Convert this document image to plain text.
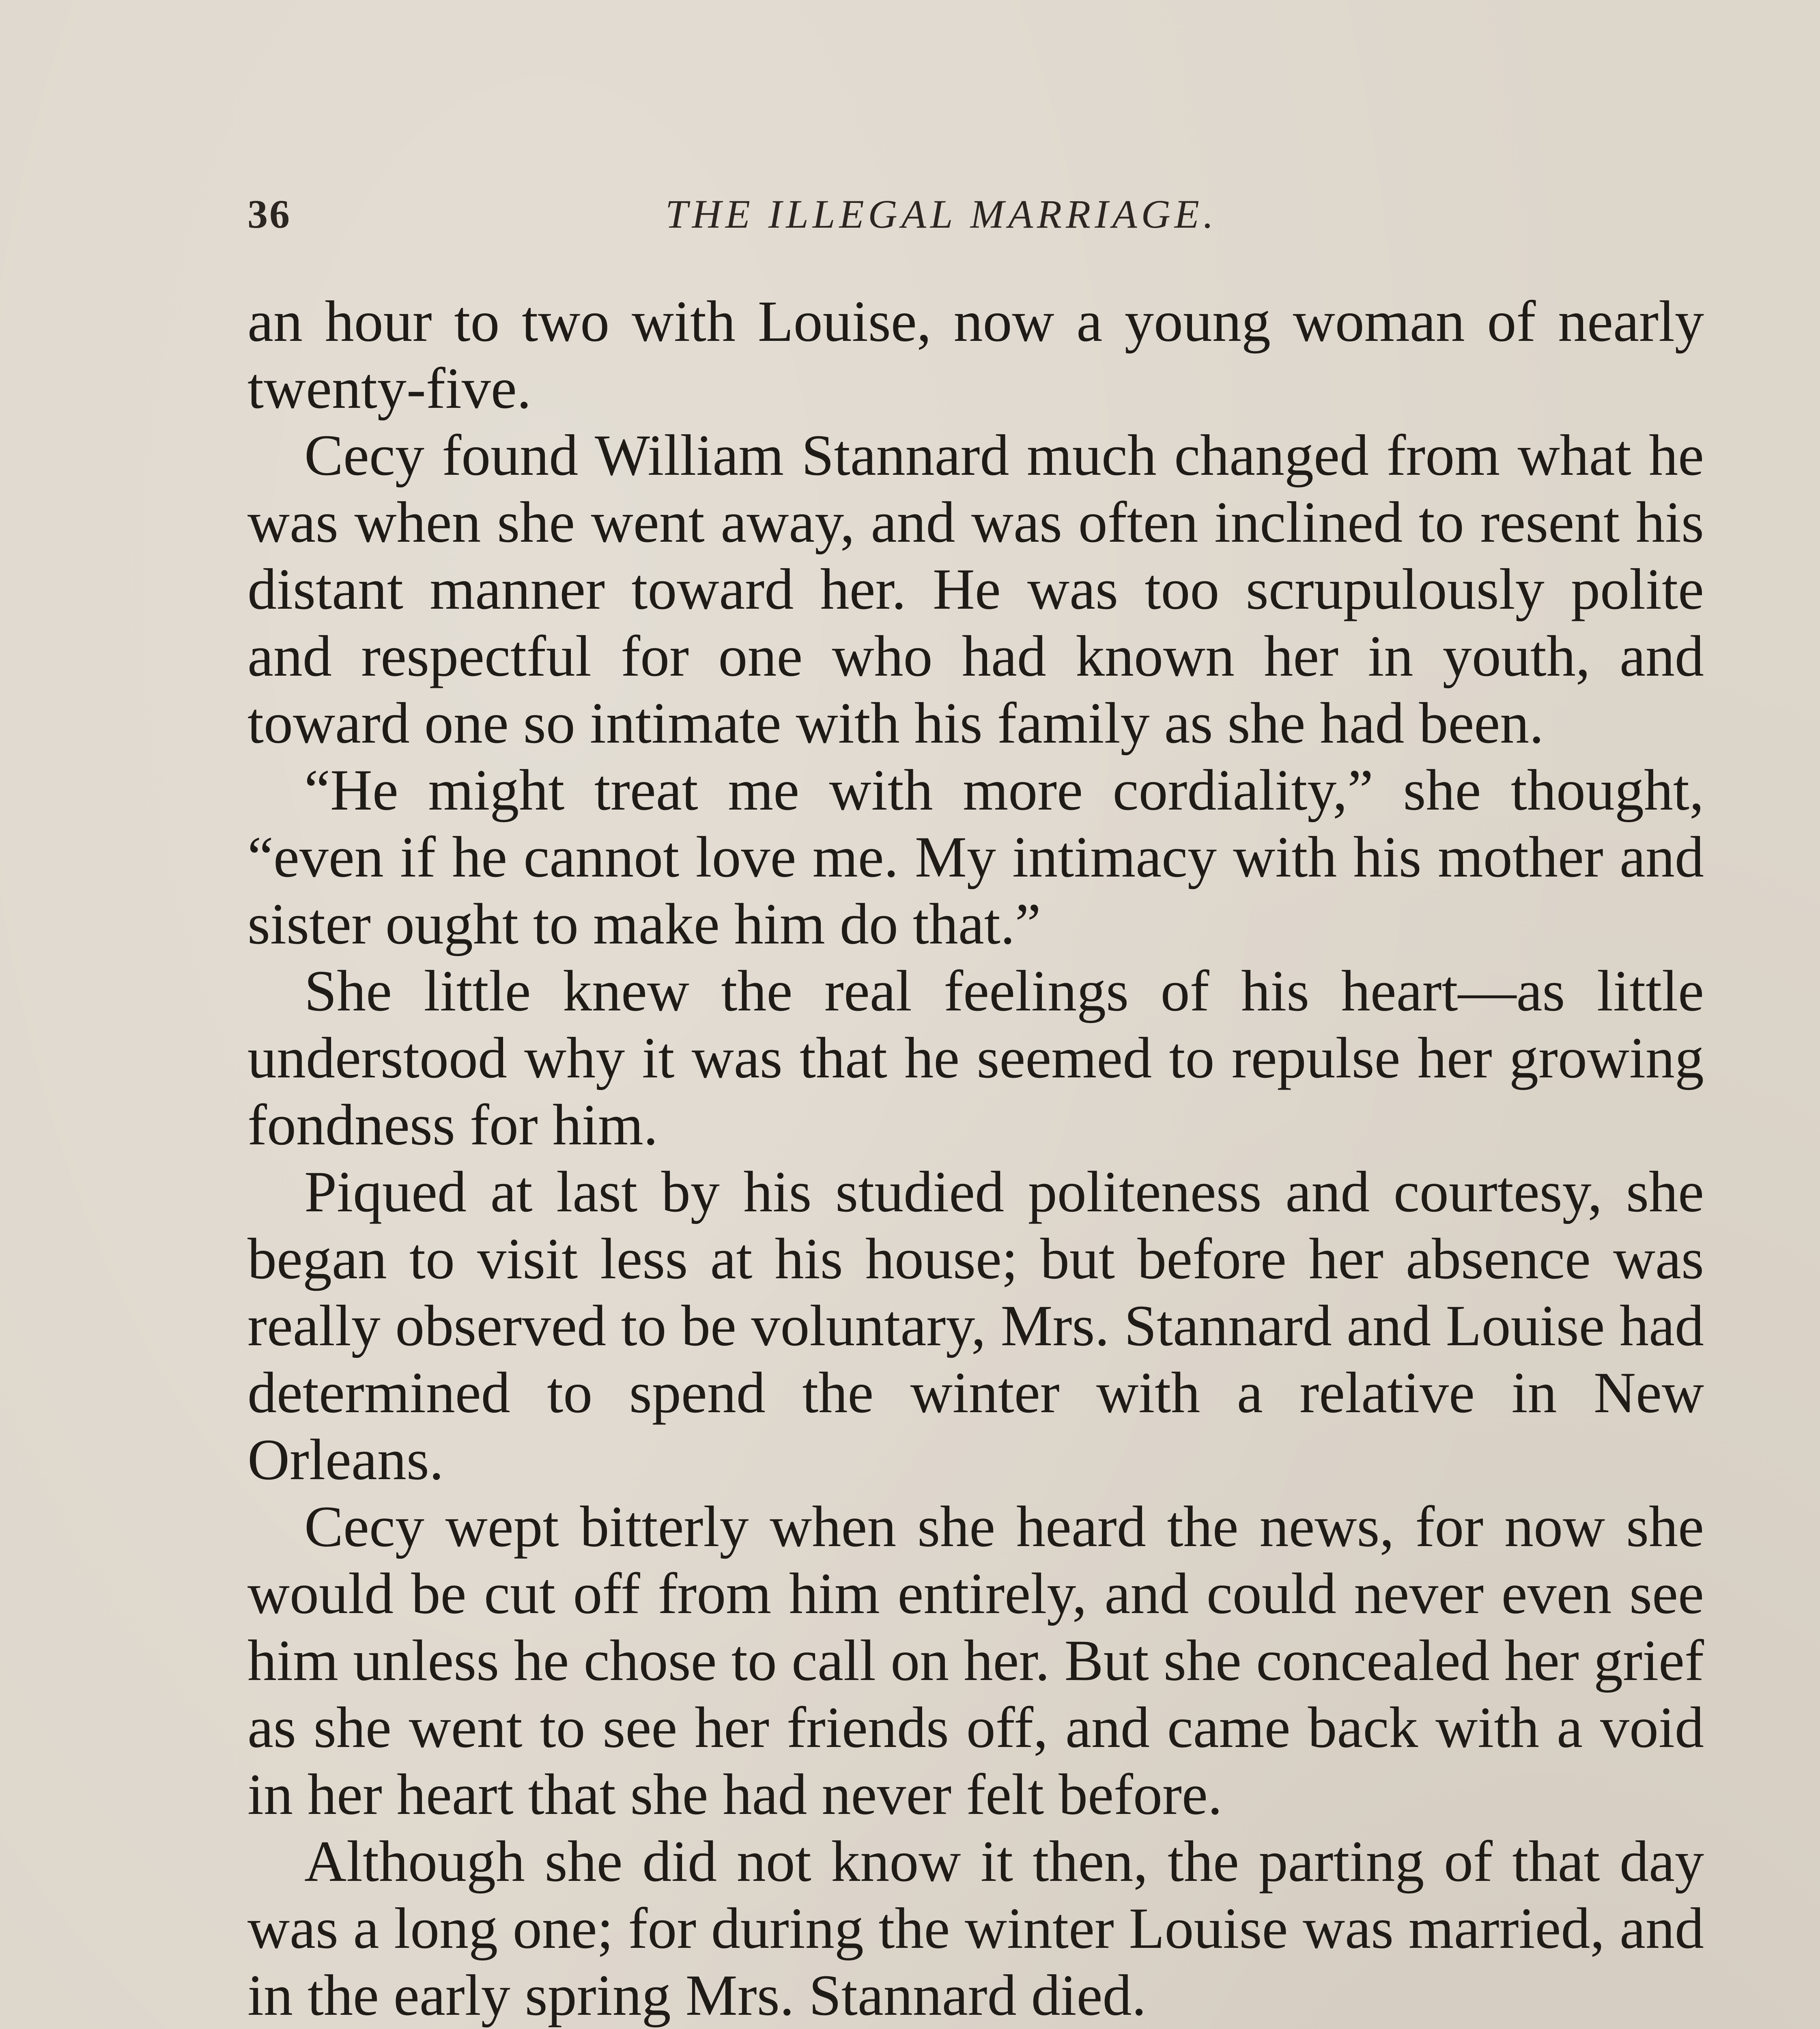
36	THE ILLEGAL MARRIAGE.

an hour to two with Louise, now a young woman of nearly twenty-five.

Cecy found William Stannard much changed from what he was when she went away, and was often inclined to resent his distant manner toward her. He was too scrupulously polite and respectful for one who had known her in youth, and toward one so intimate with his family as she had been.

“He might treat me with more cordiality,” she thought, “even if he cannot love me. My intimacy with his mother and sister ought to make him do that.”

She little knew the real feelings of his heart—as little understood why it was that he seemed to repulse her growing fondness for him.

Piqued at last by his studied politeness and courtesy, she began to visit less at his house; but before her absence was really observed to be voluntary, Mrs. Stannard and Louise had determined to spend the winter with a relative in New Orleans.

Cecy wept bitterly when she heard the news, for now she would be cut off from him entirely, and could never even see him unless he chose to call on her. But she concealed her grief as she went to see her friends off, and came back with a void in her heart that she had never felt before.

Although she did not know it then, the parting of that day was a long one; for during the winter Louise was married, and in the early spring Mrs. Stannard died.
